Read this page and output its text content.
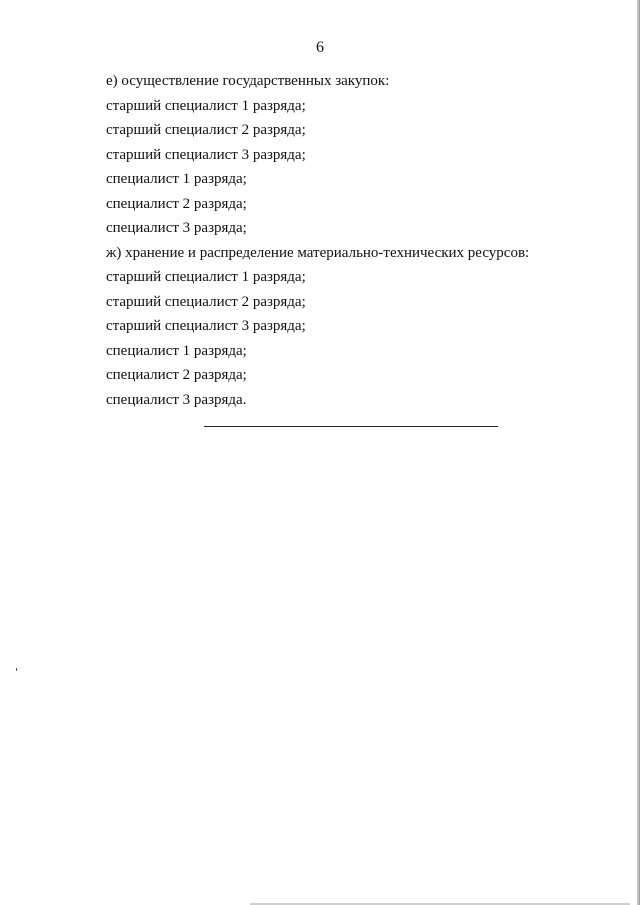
6

е) осуществление государственных закупок:

старший специалист 1 разряда;

старший специалист 2 разряда;

старший специалист 3 разряда;

специалист 1 разряда;

специалист 2 разряда;

специалист 3 разряда;

ж) хранение и распределение материально-технических ресурсов:

старший специалист 1 разряда;

старший специалист 2 разряда;

старший специалист 3 разряда;

специалист 1 разряда;

специалист 2 разряда;

специалист 3 разряда.
